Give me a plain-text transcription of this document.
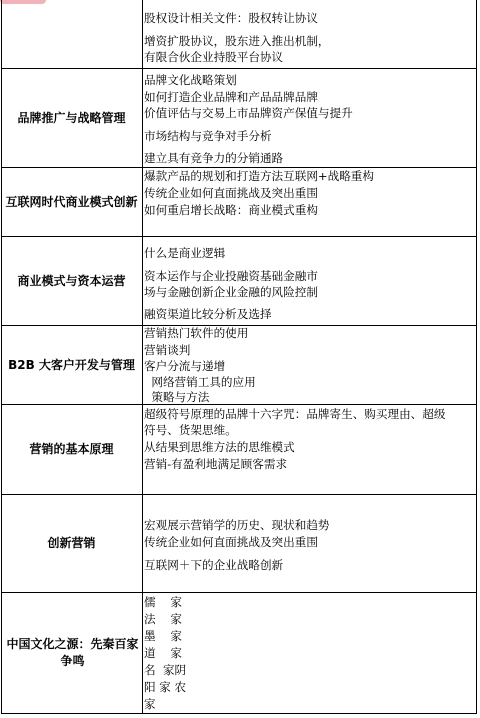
股权设计相关文件：股权转让协议
增资扩股协议，股东进入推出机制，
有限合伙企业持股平台协议
品牌推广与战略管理
品牌文化战略策划
如何打造企业品牌和产品品牌品牌
价值评估与交易上市品牌资产保值与提升
市场结构与竞争对手分析
建立具有竞争力的分销通路
互联网时代商业模式创新
爆款产品的规划和打造方法互联网+战略重构
传统企业如何直面挑战及突出重围
如何重启增长战略：商业模式重构
商业模式与资本运营
什么是商业逻辑
资本运作与企业投融资基础金融市
场与金融创新企业金融的风险控制
融资渠道比较分析及选择
B2B 大客户开发与管理
营销热门软件的使用
营销谈判
客户分流与递增
网络营销工具的应用
策略与方法
营销的基本原理
超级符号原理的品牌十六字咒：品牌寄生、购买理由、超级
符号、货架思维。
从结果到思维方法的思维模式
营销-有盈利地满足顾客需求
创新营销
宏观展示营销学的历史、现状和趋势
传统企业如何直面挑战及突出重围
互联网＋下的企业战略创新
中国文化之源：先秦百家争鸣
儒    家
法    家
墨    家
道    家
名  家阴
阳 家 农
家
